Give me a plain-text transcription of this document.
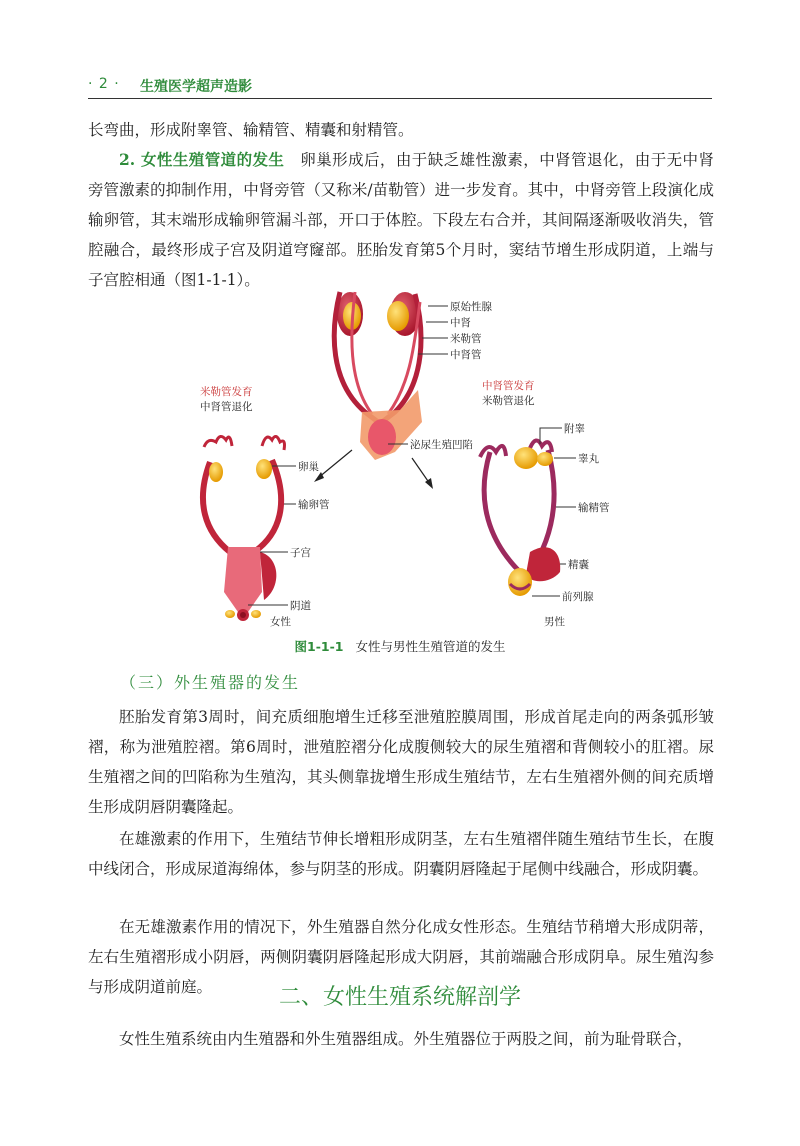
· 2 · 生殖医学超声造影

长弯曲，形成附睾管、输精管、精囊和射精管。

2. 女性生殖管道的发生　卵巢形成后，由于缺乏雄性激素，中肾管退化，由于无中肾旁管激素的抑制作用，中肾旁管（又称米/苗勒管）进一步发育。其中，中肾旁管上段演化成输卵管，其末端形成输卵管漏斗部，开口于体腔。下段左右合并，其间隔逐渐吸收消失，管腔融合，最终形成子宫及阴道穹窿部。胚胎发育第5个月时，窦结节增生形成阴道，上端与子宫腔相通（图1-1-1）。

原始性腺
中肾
米勒管
中肾管
泌尿生殖凹陷
米勒管发育
中肾管退化
卵巢
输卵管
子宫
阴道
女性
中肾管发育
米勒管退化
附睾
睾丸
输精管
精囊
前列腺
男性
图1-1-1 女性与男性生殖管道的发生
（三）外生殖器的发生

胚胎发育第3周时，间充质细胞增生迁移至泄殖腔膜周围，形成首尾走向的两条弧形皱褶，称为泄殖腔褶。第6周时，泄殖腔褶分化成腹侧较大的尿生殖褶和背侧较小的肛褶。尿生殖褶之间的凹陷称为生殖沟，其头侧靠拢增生形成生殖结节，左右生殖褶外侧的间充质增生形成阴唇阴囊隆起。

在雄激素的作用下，生殖结节伸长增粗形成阴茎，左右生殖褶伴随生殖结节生长，在腹中线闭合，形成尿道海绵体，参与阴茎的形成。阴囊阴唇隆起于尾侧中线融合，形成阴囊。

在无雄激素作用的情况下，外生殖器自然分化成女性形态。生殖结节稍增大形成阴蒂，左右生殖褶形成小阴唇，两侧阴囊阴唇隆起形成大阴唇，其前端融合形成阴阜。尿生殖沟参与形成阴道前庭。	二、女性生殖系统解剖学

女性生殖系统由内生殖器和外生殖器组成。外生殖器位于两股之间，前为耻骨联合，
